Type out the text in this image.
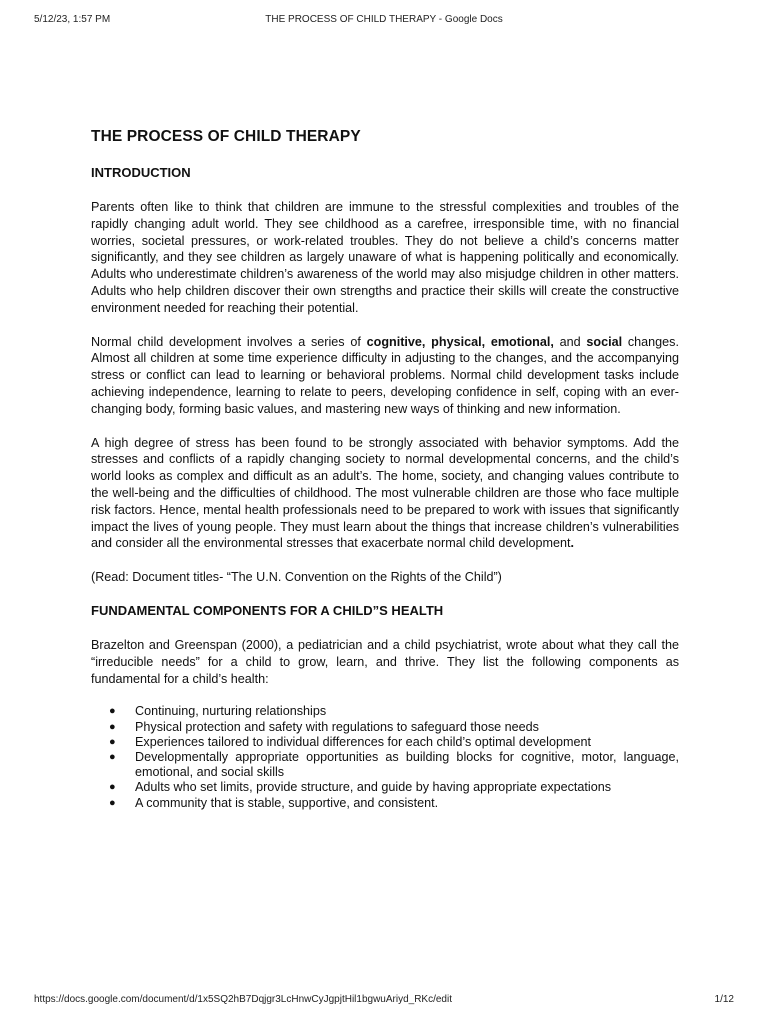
5/12/23, 1:57 PM	THE PROCESS OF CHILD THERAPY - Google Docs
THE PROCESS OF CHILD THERAPY
INTRODUCTION

Parents often like to think that children are immune to the stressful complexities and troubles of the rapidly changing adult world. They see childhood as a carefree, irresponsible time, with no financial worries, societal pressures, or work-related troubles. They do not believe a child’s concerns matter significantly, and they see children as largely unaware of what is happening politically and economically. Adults who underestimate children’s awareness of the world may also misjudge children in other matters. Adults who help children discover their own strengths and practice their skills will create the constructive environment needed for reaching their potential.

Normal child development involves a series of cognitive, physical, emotional, and social changes. Almost all children at some time experience difficulty in adjusting to the changes, and the accompanying stress or conflict can lead to learning or behavioral problems. Normal child development tasks include achieving independence, learning to relate to peers, developing confidence in self, coping with an ever-changing body, forming basic values, and mastering new ways of thinking and new information.

A high degree of stress has been found to be strongly associated with behavior symptoms. Add the stresses and conflicts of a rapidly changing society to normal developmental concerns, and the child’s world looks as complex and difficult as an adult’s. The home, society, and changing values contribute to the well-being and the difficulties of childhood. The most vulnerable children are those who face multiple risk factors. Hence, mental health professionals need to be prepared to work with issues that significantly impact the lives of young people. They must learn about the things that increase children’s vulnerabilities and consider all the environmental stresses that exacerbate normal child development.

(Read: Document titles- “The U.N. Convention on the Rights of the Child”)

FUNDAMENTAL COMPONENTS FOR A CHILD”S HEALTH

Brazelton and Greenspan (2000), a pediatrician and a child psychiatrist, wrote about what they call the “irreducible needs” for a child to grow, learn, and thrive. They list the following components as fundamental for a child’s health:

● Continuing, nurturing relationships
● Physical protection and safety with regulations to safeguard those needs
● Experiences tailored to individual differences for each child’s optimal development
● Developmentally appropriate opportunities as building blocks for cognitive, motor, language, emotional, and social skills
● Adults who set limits, provide structure, and guide by having appropriate expectations
● A community that is stable, supportive, and consistent.
https://docs.google.com/document/d/1x5SQ2hB7Dqjgr3LcHnwCyJgpjtHil1bgwuAriyd_RKc/edit	1/12
